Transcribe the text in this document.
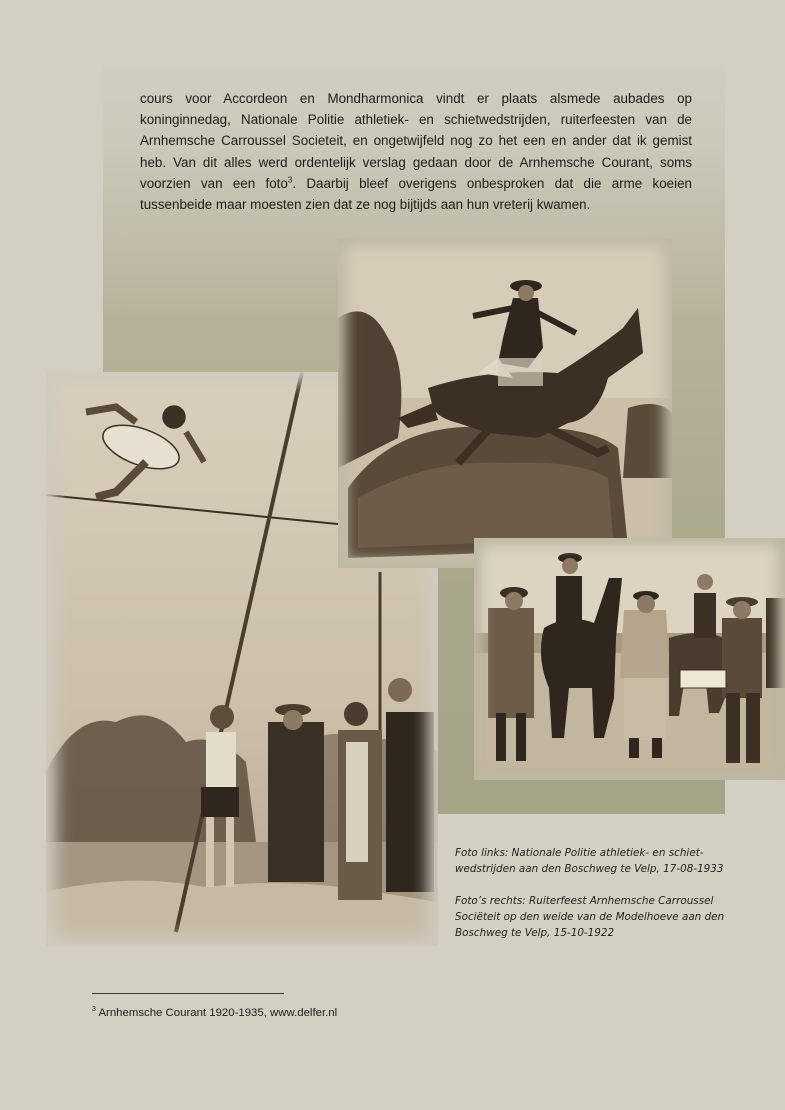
cours voor Accordeon en Mondharmonica vindt er plaats alsmede aubades op koninginnedag, Nationale Politie athletiek- en schietwedstrijden, ruiterfeesten van de Arnhemsche Carroussel Societeit, en ongetwijfeld nog zo het een en ander dat ik gemist heb. Van dit alles werd ordentelijk verslag gedaan door de Arnhemsche Courant, soms voorzien van een foto$^3$. Daarbij bleef overigens onbesproken dat die arme koeien tussenbeide maar moesten zien dat ze nog bijtijds aan hun vreterij kwamen.

Foto links: Nationale Politie athletiek- en schiet-wedstrijden aan den Boschweg te Velp, 17-08-1933

Foto’s rechts: Ruiterfeest Arnhemsche Carroussel Sociëteit op den weide van de Modelhoeve aan den Boschweg te Velp, 15-10-1922

$^3$ Arnhemsche Courant 1920-1935, www.delfer.nl
